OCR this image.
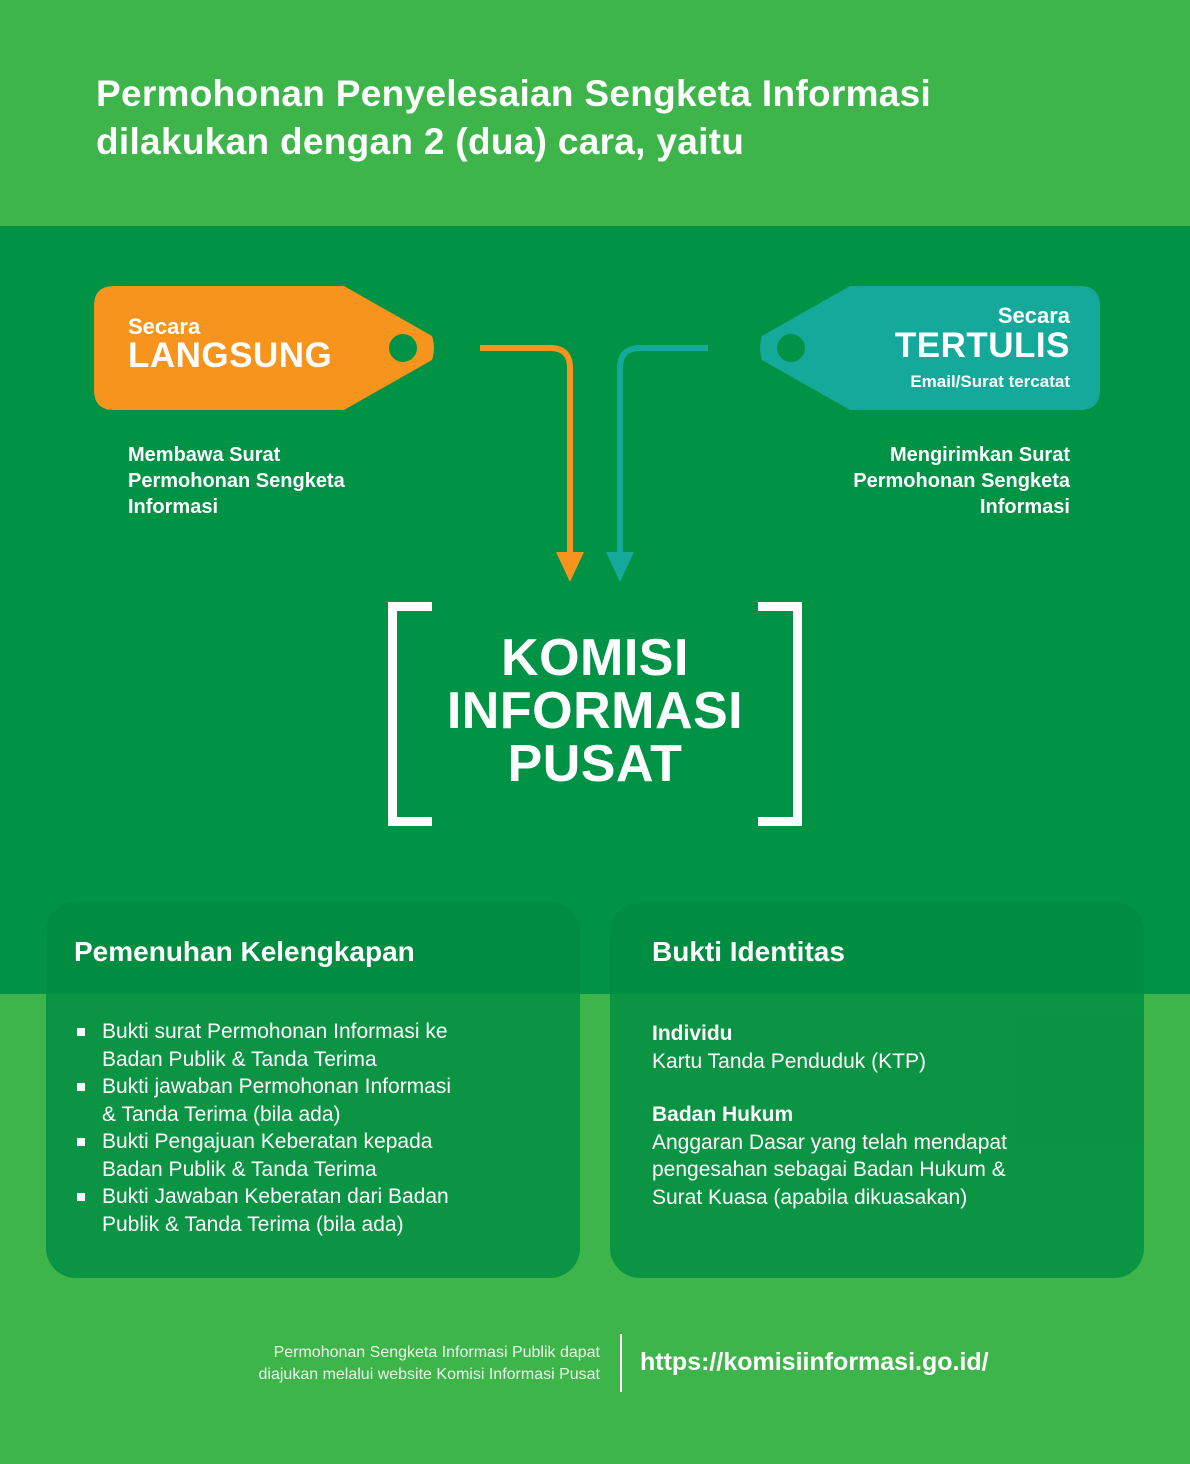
Permohonan Penyelesaian Sengketa Informasi
dilakukan dengan 2 (dua) cara, yaitu
Secara
LANGSUNG
Secara
TERTULIS
Email/Surat tercatat
Membawa Surat
Permohonan Sengketa
Informasi
Mengirimkan Surat
Permohonan Sengketa
Informasi
KOMISI
INFORMASI
PUSAT
Pemenuhan Kelengkapan
Bukti surat Permohonan Informasi ke
Badan Publik & Tanda Terima
Bukti jawaban Permohonan Informasi
& Tanda Terima (bila ada)
Bukti Pengajuan Keberatan kepada
Badan Publik & Tanda Terima
Bukti Jawaban Keberatan dari Badan
Publik & Tanda Terima (bila ada)
Bukti Identitas
Individu
Kartu Tanda Penduduk (KTP)
Badan Hukum
Anggaran Dasar yang telah mendapat
pengesahan sebagai Badan Hukum &
Surat Kuasa (apabila dikuasakan)
Permohonan Sengketa Informasi Publik dapat
diajukan melalui website Komisi Informasi Pusat https://komisiinformasi.go.id/
